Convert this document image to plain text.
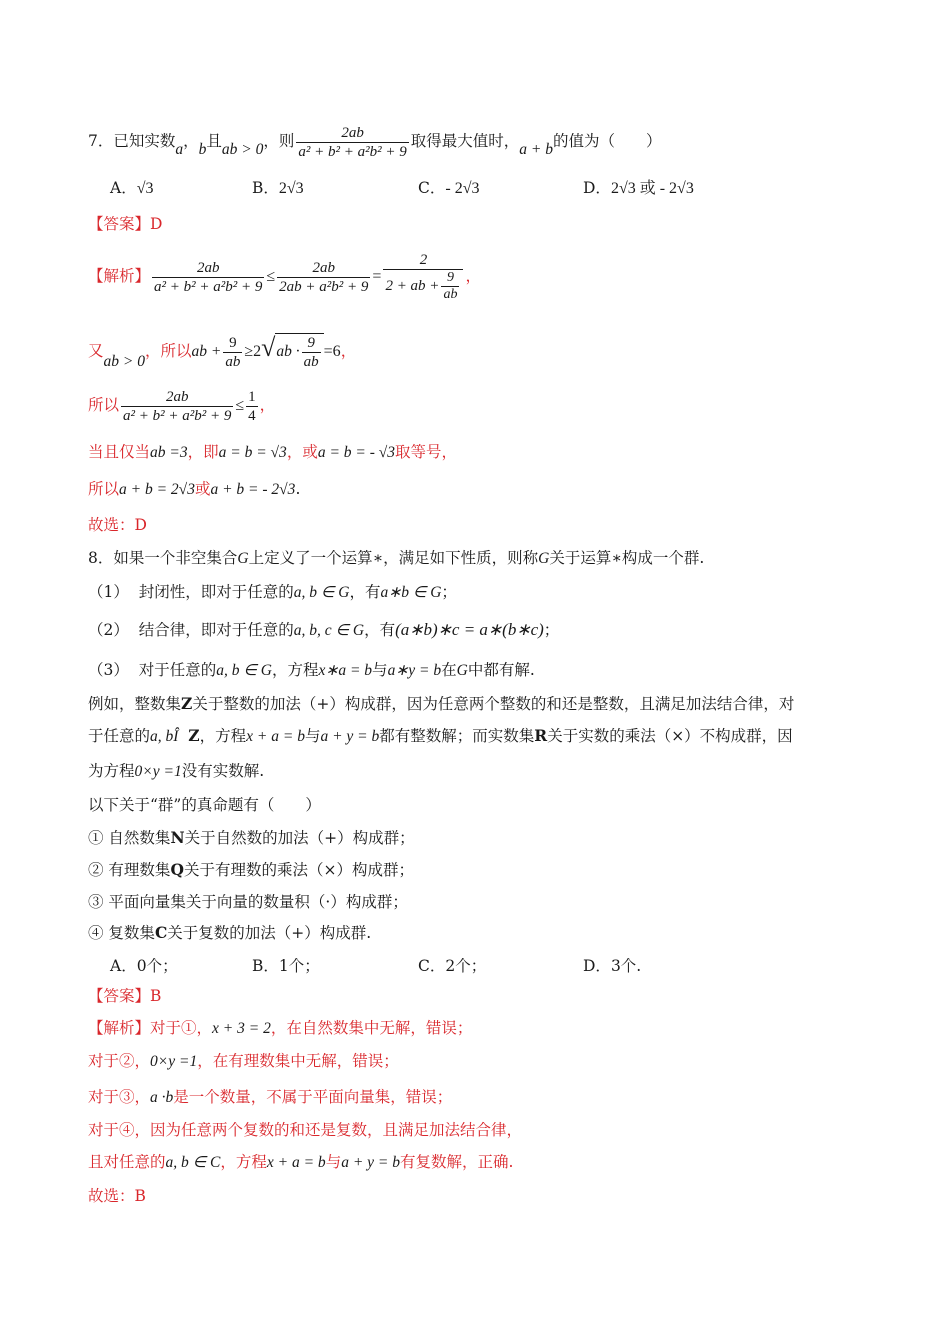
7．已知实数a，b且ab > 0，则 $\frac{2ab}{\text{a² + b² + a²b² + 9}}$ 取得最大值时，a + b的值为（　　）
A．√3	B．2√3	C．- 2√3	D．2√3 或 - 2√3
【答案】D
【解析】 $\frac{2ab}{\text{a² + b² + a²b² + 9}} \le \frac{2ab}{\text{2ab + a²b² + 9}} = \frac{2}{2 + ab + \frac{9}{ab}}$ ，
又ab > 0，所以ab + $\frac{9}{ab} \ge 2√ab \cdot \frac{9}{ab} =6$，
所以 $\frac{2ab}{\text{a² + b² + a²b² + 9}} \le \frac{1}{4}$ ，
当且仅当ab =3，即a = b = √3，或a = b = - √3取等号，
所以a + b = 2√3或a + b = - 2√3.
故选：D
8．如果一个非空集合G上定义了一个运算∗，满足如下性质，则称G关于运算∗构成一个群.
（1） 封闭性，即对于任意的a, b ∈ G，有a∗b ∈ G；
（2） 结合律，即对于任意的a, b, c ∈ G，有(a∗b)∗c = a∗(b∗c)；
（3） 对于任意的a, b ∈ G，方程x∗a = b与a∗y = b在G中都有解.
例如，整数集Z关于整数的加法（+）构成群，因为任意两个整数的和还是整数，且满足加法结合律，对
于任意的a, bÎ Z，方程x + a = b与a + y = b都有整数解；而实数集R关于实数的乘法（×）不构成群，因
为方程0×y =1没有实数解.
以下关于“群”的真命题有（　　）
① 自然数集N关于自然数的加法（+）构成群；
② 有理数集Q关于有理数的乘法（×）构成群；
③ 平面向量集关于向量的数量积（·）构成群；
④ 复数集C关于复数的加法（+）构成群.
A．0个；	B．1个；	C．2个；	D．3个.
【答案】B
【解析】对于①，x + 3 = 2，在自然数集中无解，错误；
对于②，0×y =1，在有理数集中无解，错误；
对于③，a ·b是一个数量，不属于平面向量集，错误；
对于④，因为任意两个复数的和还是复数，且满足加法结合律，
且对任意的a, b ∈ C，方程x + a = b与a + y = b有复数解，正确.
故选：B
